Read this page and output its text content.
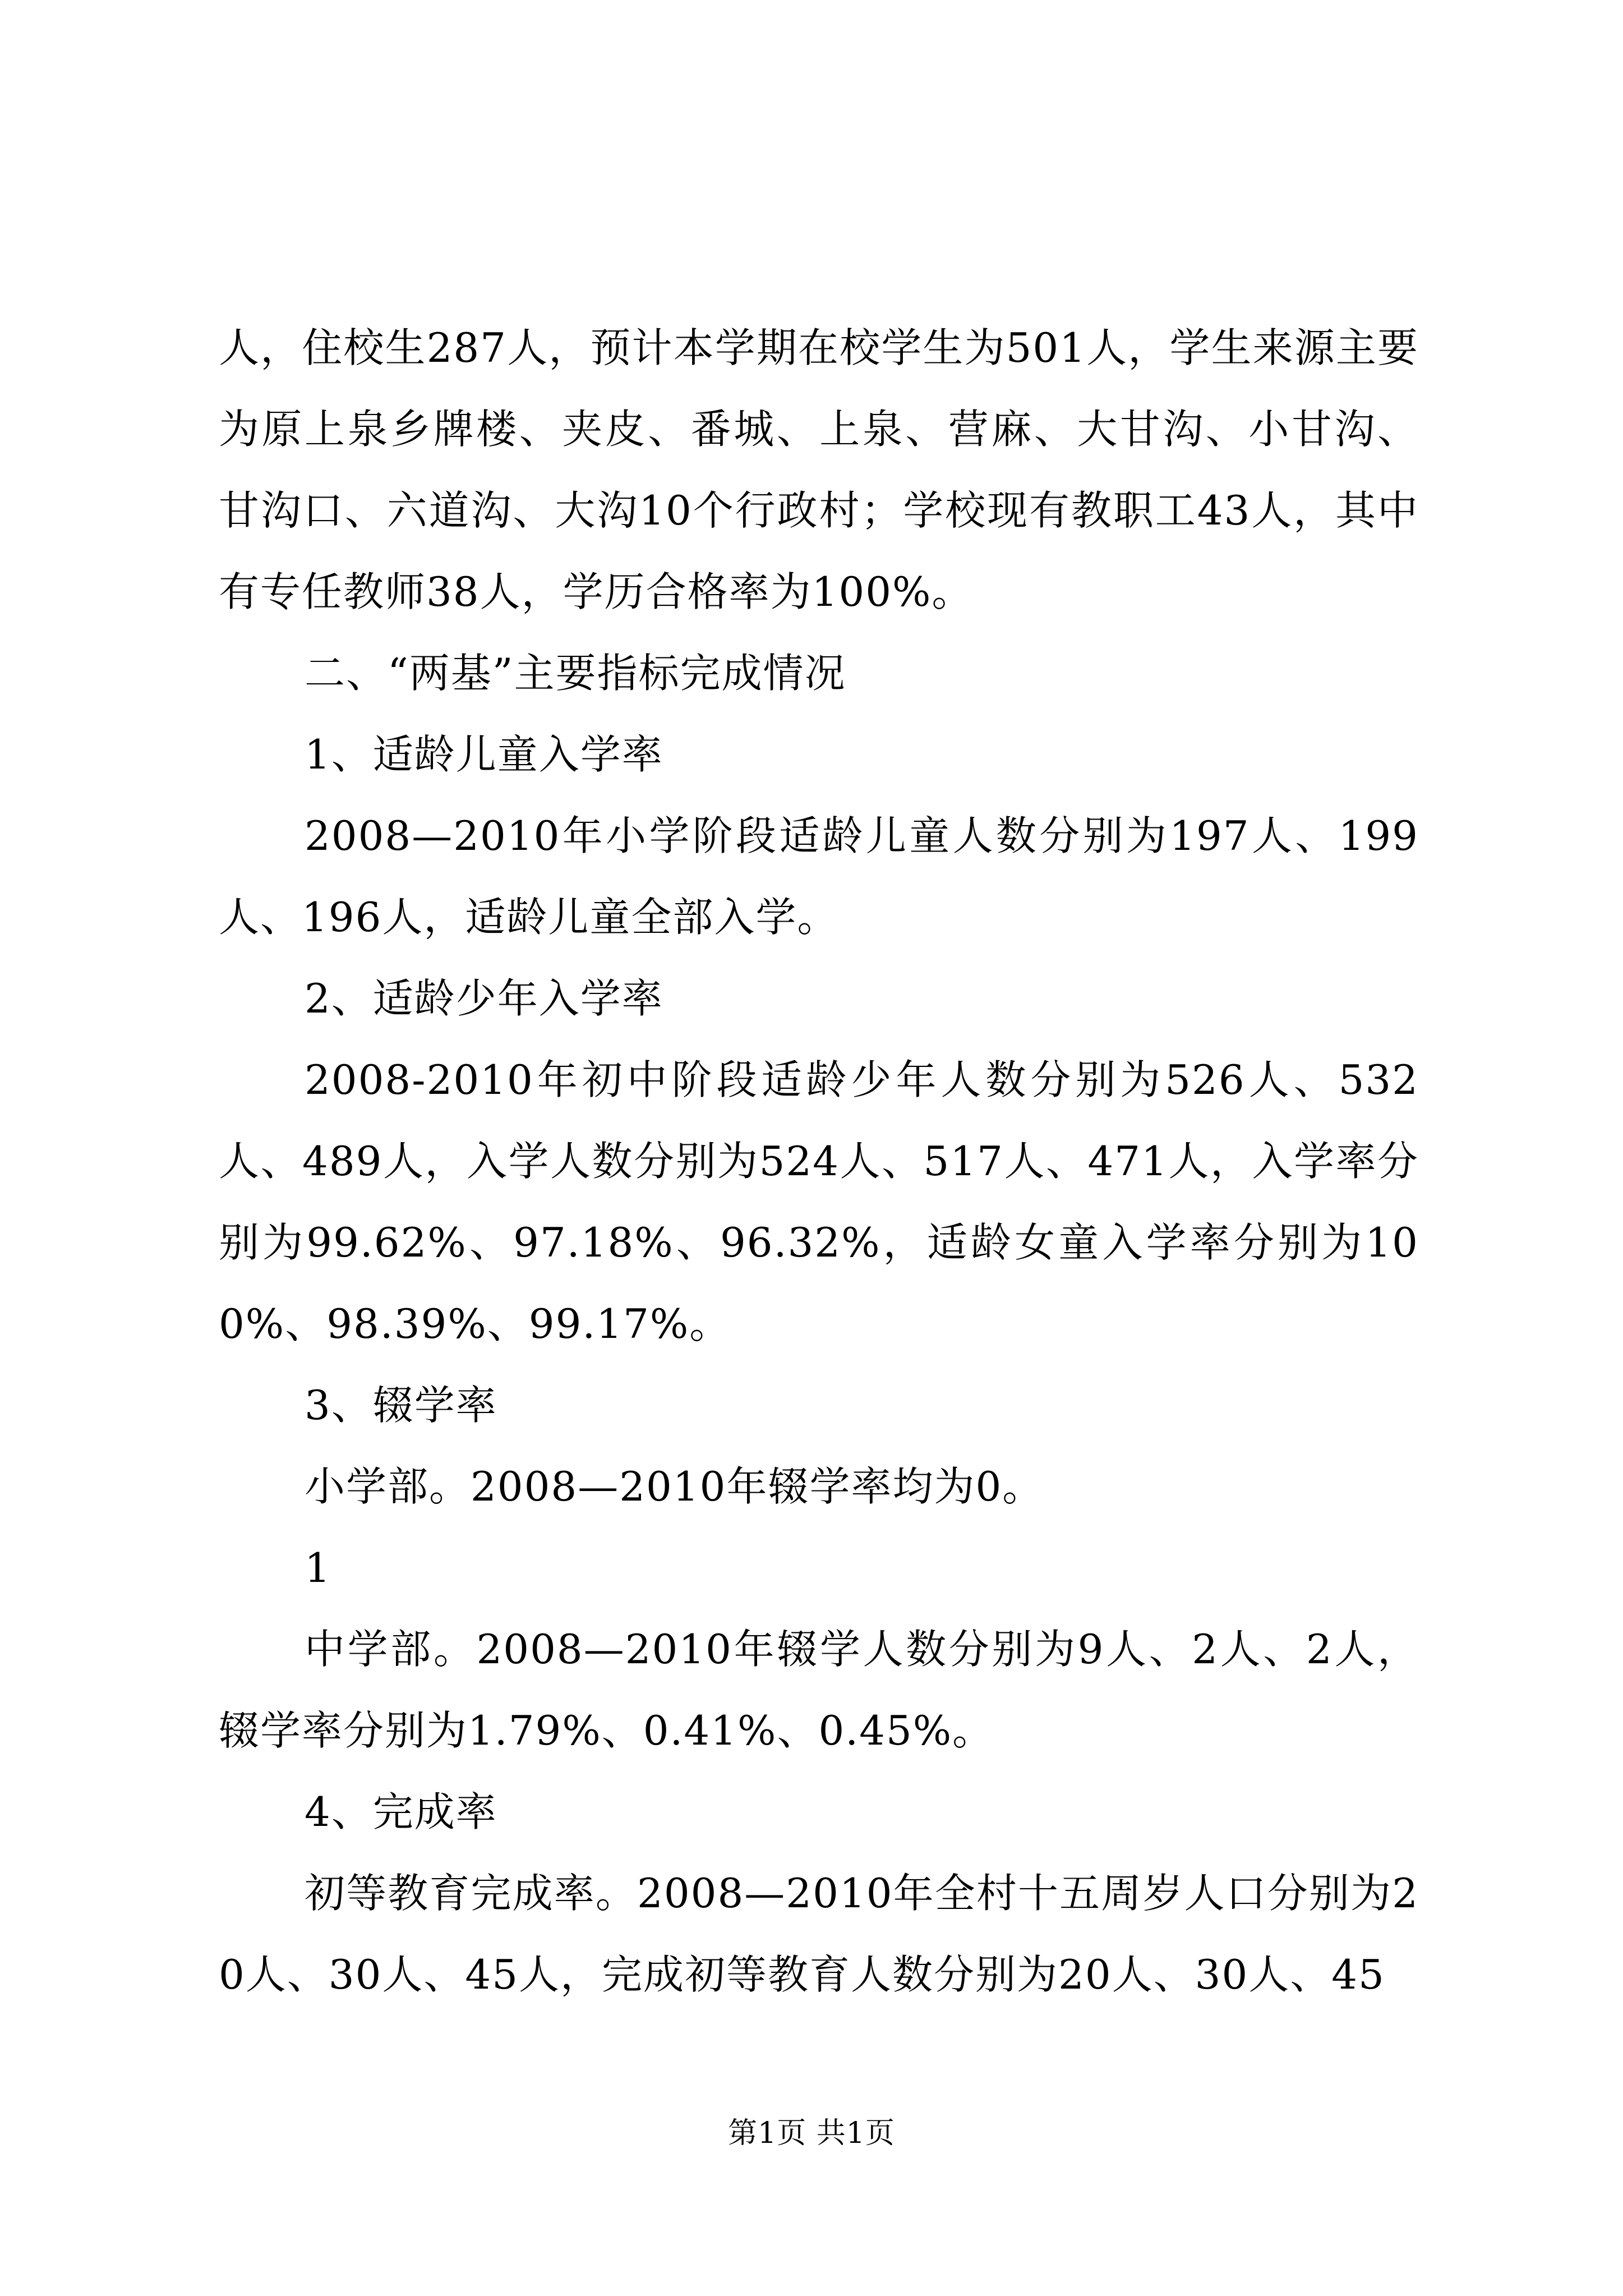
人，住校生287人，预计本学期在校学生为501人，学生来源主要为原上泉乡牌楼、夹皮、番城、上泉、营麻、大甘沟、小甘沟、甘沟口、六道沟、大沟10个行政村；学校现有教职工43人，其中有专任教师38人，学历合格率为100%。

二、“两基”主要指标完成情况

1、适龄儿童入学率

2008—2010年小学阶段适龄儿童人数分别为197人、199人、196人，适龄儿童全部入学。

2、适龄少年入学率

2008-2010年初中阶段适龄少年人数分别为526人、532人、489人，入学人数分别为524人、517人、471人，入学率分别为99.62%、97.18%、96.32%，适龄女童入学率分别为100%、98.39%、99.17%。

3、辍学率

小学部。2008—2010年辍学率均为0。

1

中学部。2008—2010年辍学人数分别为9人、2人、2人，辍学率分别为1.79%、0.41%、0.45%。

4、完成率

初等教育完成率。2008—2010年全村十五周岁人口分别为20人、30人、45人，完成初等教育人数分别为20人、30人、45

第1页 共1页
